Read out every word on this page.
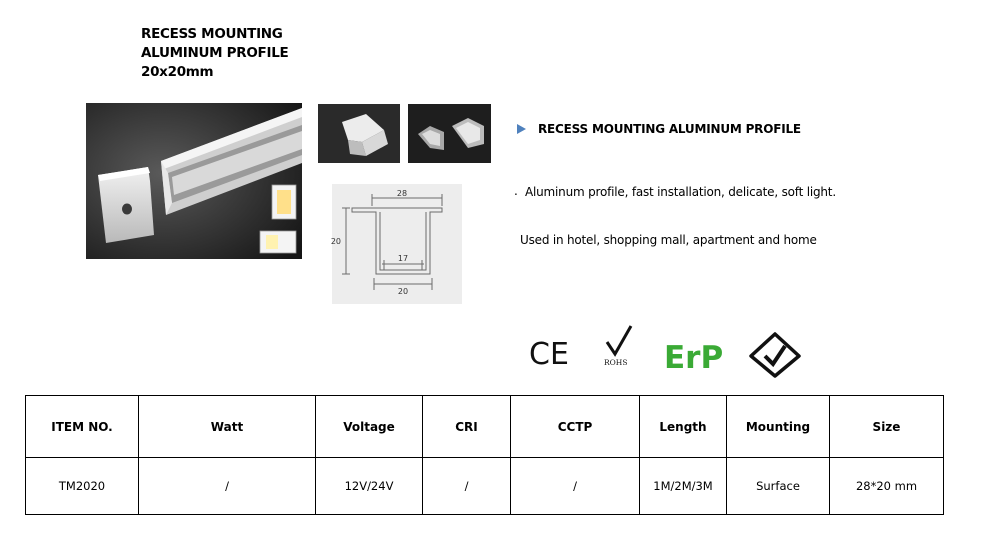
RECESS MOUNTING
ALUMINUM PROFILE
20x20mm
28
20
17
20
RECESS MOUNTING ALUMINUM PROFILE
. Aluminum profile, fast installation, delicate, soft light.
Used in hotel, shopping mall, apartment and home
CE	ROHS ErP
ITEM NO.	Watt	Voltage	CRI	CCTP	Length	Mounting	Size
TM2020	/	12V/24V	/	/	1M/2M/3M	Surface	28*20 mm
